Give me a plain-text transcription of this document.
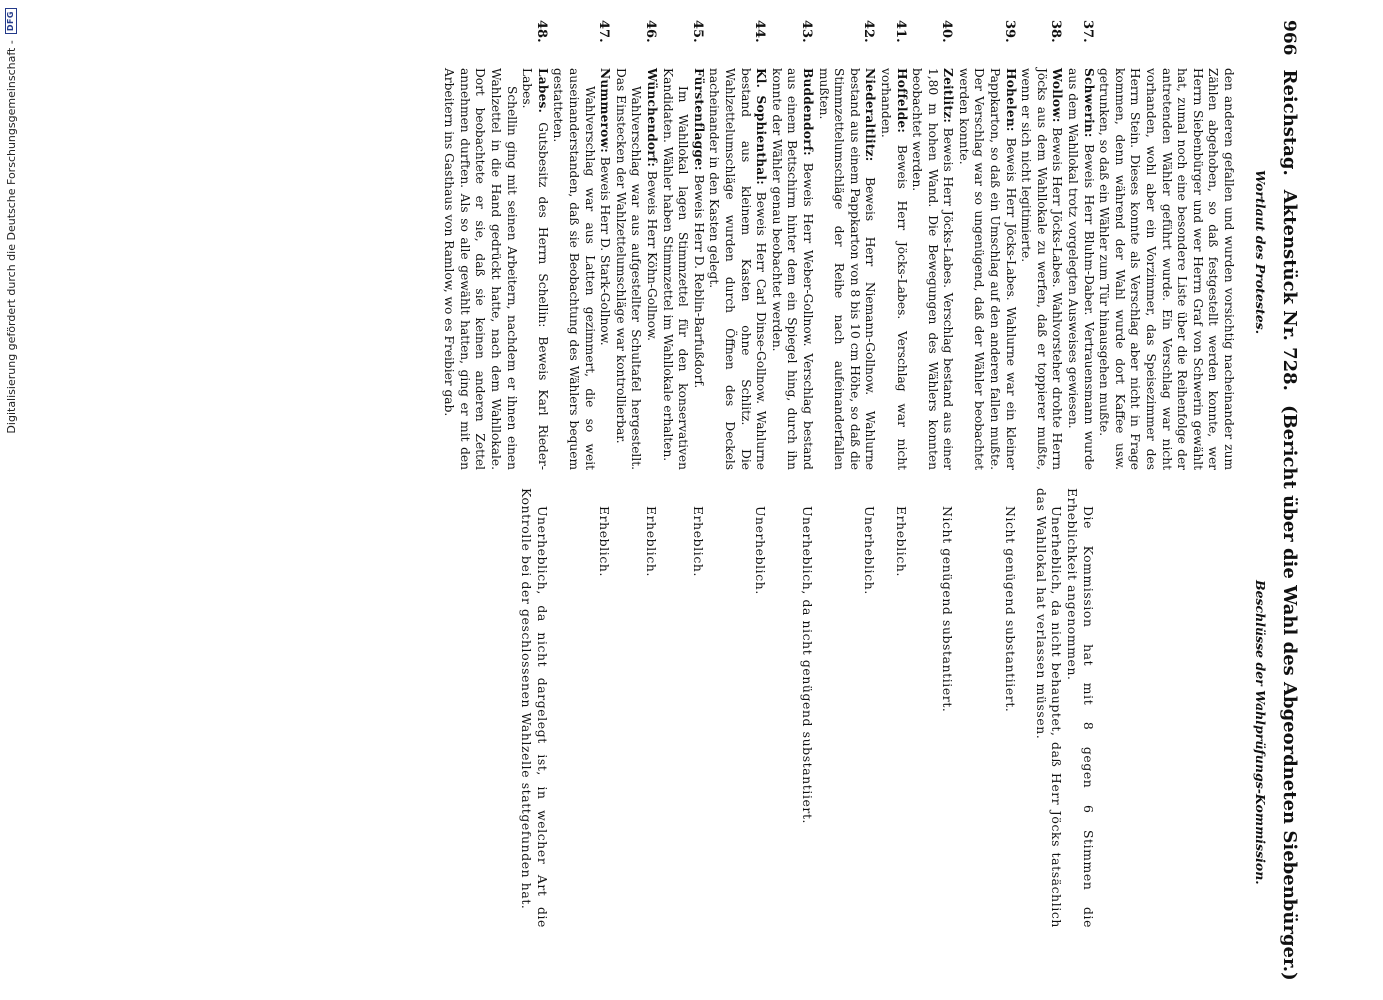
Digitalisierung gefördert durch die Deutsche Forschungsgemeinschaft -
DFG	966
Reichstag.
Aktenstück Nr. 728.
(Bericht über die Wahl des Abgeordneten Siebenbürger.)
Wortlaut des Protestes.
Beschlüsse der Wahlprüfungs-Kommission.

den anderen gefallen und wurden vorsichtig nacheinander zum Zählen abgehoben, so daß festgestellt werden konnte, wer Herrn Siebenbürger und wer Herrn Graf von Schwerin gewählt hat, zumal noch eine besondere Liste über die Reihenfolge der antretenden Wähler geführt wurde. Ein Verschlag war nicht vorhanden, wohl aber ein Vorzimmer, das Speisezimmer des Herrn Stein. Dieses konnte als Verschlag aber nicht in Frage kommen, denn während der Wahl wurde dort Kaffee usw. getrunken, so daß ein Wähler zum Tür hinausgehen mußte.

37.

Schwerin: Beweis Herr Bluhm-Daber. Vertrauensmann wurde aus dem Wahllokal trotz vorgelegten Ausweises gewiesen.

Die Kommission hat mit 8 gegen 6 Stimmen die Erheblichkeit angenommen.

38.

Wollow: Beweis Herr Jöcks-Labes. Wahlvorsteher drohte Herrn Jöcks aus dem Wahllokale zu werfen, daß er toppierer mußte, wenn er sich nicht legitimierte.

Unerheblich, da nicht behauptet, daß Herr Jöcks tatsächlich das Wahllokal hat verlassen müssen.

39.

Hohelen: Beweis Herr Jöcks-Labes. Wahlurne war ein kleiner Pappkarton, so daß ein Umschlag auf den anderen fallen mußte. Der Verschlag war so ungenügend, daß der Wähler beobachtet werden konnte.

Nicht genügend substantiiert.

40.

Zeitlitz: Beweis Herr Jöcks-Labes. Verschlag bestand aus einer 1,80 m hohen Wand. Die Bewegungen des Wählers konnten beobachtet werden.

Nicht genügend substantiiert.

41.

Hoffelde: Beweis Herr Jöcks-Labes. Verschlag war nicht vorhanden.

Erheblich.

42.

Niederaltlitz: Beweis Herr Niemann-Gollnow. Wahlurne bestand aus einem Pappkarton von 8 bis 10 cm Höhe, so daß die Stimmzettelumschläge der Reihe nach aufeinanderfallen mußten.

Unerheblich.

43.

Buddendorf: Beweis Herr Weber-Gollnow. Verschlag bestand aus einem Bettschirm hinter dem ein Spiegel hing, durch ihn konnte der Wähler genau beobachtet werden.

Unerheblich, da nicht genügend substantiiert.

44.

Kl. Sophienthal: Beweis Herr Carl Dinse-Gollnow. Wahlurne bestand aus kleinem Kasten ohne Schlitz. Die Wahlzettelumschläge wurden durch Öffnen des Deckels nacheinander in den Kasten gelegt.

Unerheblich.

45.

Fürstenflagge: Beweis Herr D. Reblin-Barfußdorf.

Im Wahllokal lagen Stimmzettel für den konservativen Kandidaten. Wähler haben Stimmzettel im Wahllokale erhalten.

Erheblich.

46.

Wünchendorf: Beweis Herr Köhn-Gollnow.

Wahlverschlag war aus aufgestellter Schultafel hergestellt. Das Einstecken der Wahlzettelumschläge war kontrollierbar.

Erheblich.

47.

Nummerow: Beweis Herr D. Stark-Gollnow.

Wahlverschlag war aus Latten gezimmert, die so weit auseinanderstanden, daß sie Beobachtung des Wählers bequem gestatteten.

Erheblich.

48.

Labes. Gutsbesitz des Herrn Schellin: Beweis Karl Rieder-Labes.

Schellin ging mit seinen Arbeitern, nachdem er ihnen einen Wahlzettel in die Hand gedrückt hatte, nach dem Wahllokale. Dort beobachtete er sie, daß sie keinen anderen Zettel annehmen durften. Als so alle gewählt hatten, ging er mit den Arbeitern ins Gasthaus von Ramlow, wo es Freibier gab.

Unerheblich, da nicht dargelegt ist, in welcher Art die Kontrolle bei der geschlossenen Wahlzelle stattgefunden hat.
